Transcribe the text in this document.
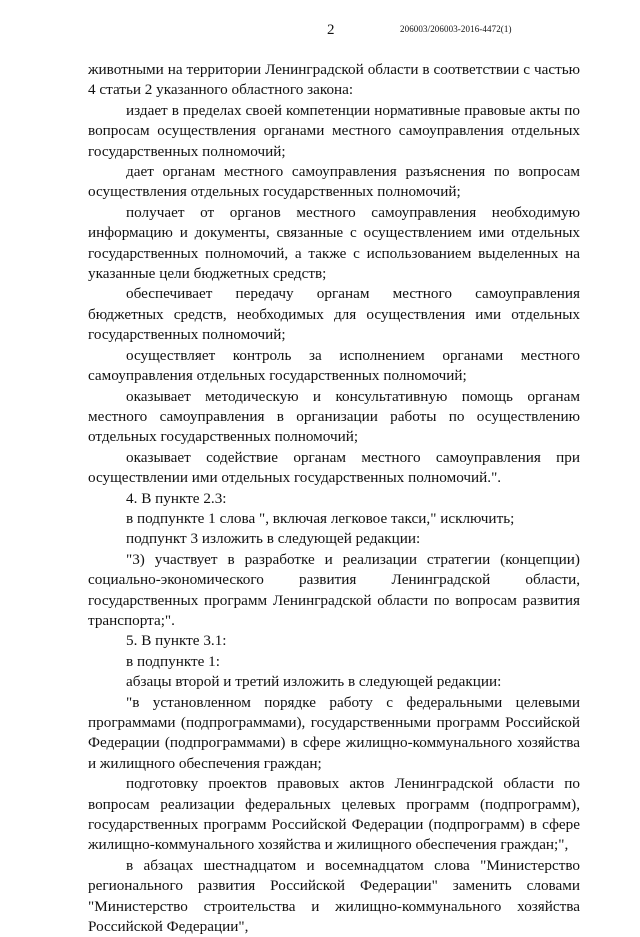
2	206003/206003-2016-4472(1)

животными на территории Ленинградской области в соответствии с частью 4 статьи 2 указанного областного закона:

издает в пределах своей компетенции нормативные правовые акты по вопросам осуществления органами местного самоуправления отдельных государственных полномочий;

дает органам местного самоуправления разъяснения по вопросам осуществления отдельных государственных полномочий;

получает от органов местного самоуправления необходимую информацию и документы, связанные с осуществлением ими отдельных государственных полномочий, а также с использованием выделенных на указанные цели бюджетных средств;

обеспечивает передачу органам местного самоуправления бюджетных средств, необходимых для осуществления ими отдельных государственных полномочий;

осуществляет контроль за исполнением органами местного самоуправления отдельных государственных полномочий;

оказывает методическую и консультативную помощь органам местного самоуправления в организации работы по осуществлению отдельных государственных полномочий;

оказывает содействие органам местного самоуправления при осуществлении ими отдельных государственных полномочий.".

4. В пункте 2.3:

в подпункте 1 слова ", включая легковое такси," исключить;

подпункт 3 изложить в следующей редакции:

"3) участвует в разработке и реализации стратегии (концепции) социально-экономического развития Ленинградской области, государственных программ Ленинградской области по вопросам развития транспорта;".

5. В пункте 3.1:

в подпункте 1:

абзацы второй и третий изложить в следующей редакции:

"в установленном порядке работу с федеральными целевыми программами (подпрограммами), государственными программ Российской Федерации (подпрограммами) в сфере жилищно-коммунального хозяйства и жилищного обеспечения граждан;

подготовку проектов правовых актов Ленинградской области по вопросам реализации федеральных целевых программ (подпрограмм), государственных программ Российской Федерации (подпрограмм) в сфере жилищно-коммунального хозяйства и жилищного обеспечения граждан;",

в абзацах шестнадцатом и восемнадцатом слова "Министерство регионального развития Российской Федерации" заменить словами "Министерство строительства и жилищно-коммунального хозяйства Российской Федерации",
